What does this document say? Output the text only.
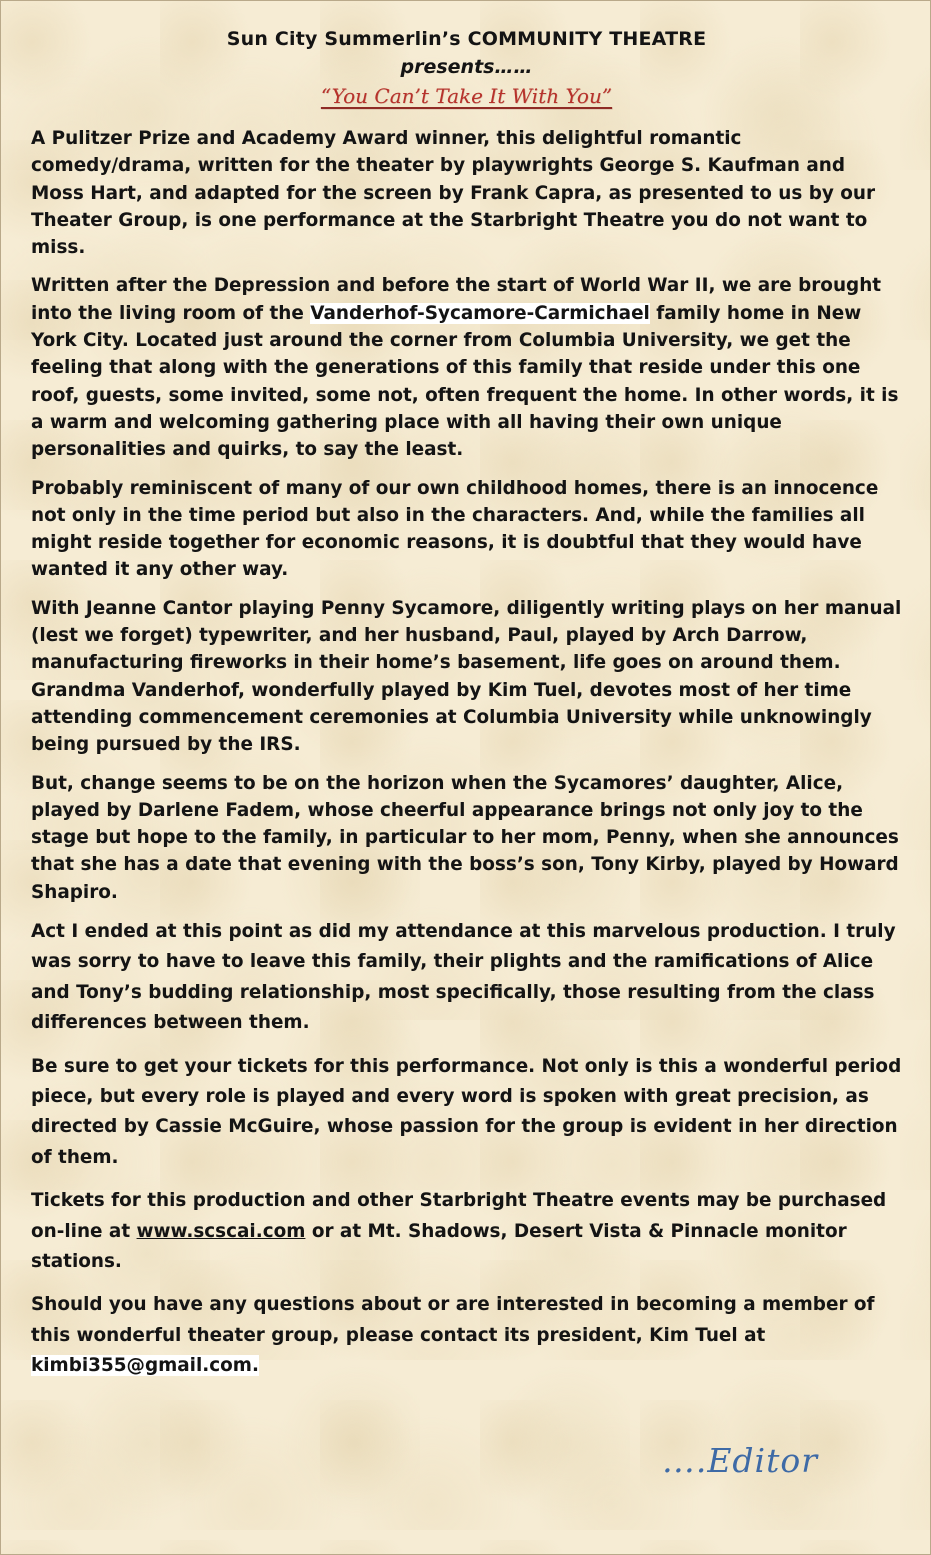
Sun City Summerlin’s COMMUNITY THEATRE
presents……
“You Can’t Take It With You”

A Pulitzer Prize and Academy Award winner, this delightful romantic comedy/drama, written for the theater by playwrights George S. Kaufman and Moss Hart, and adapted for the screen by Frank Capra, as presented to us by our Theater Group, is one performance at the Starbright Theatre you do not want to miss.

Written after the Depression and before the start of World War II, we are brought into the living room of the Vanderhof-Sycamore-Carmichael family home in New York City. Located just around the corner from Columbia University, we get the feeling that along with the generations of this family that reside under this one roof, guests, some invited, some not, often frequent the home. In other words, it is a warm and welcoming gathering place with all having their own unique personalities and quirks, to say the least.

Probably reminiscent of many of our own childhood homes, there is an innocence not only in the time period but also in the characters. And, while the families all might reside together for economic reasons, it is doubtful that they would have wanted it any other way.

With Jeanne Cantor playing Penny Sycamore, diligently writing plays on her manual (lest we forget) typewriter, and her husband, Paul, played by Arch Darrow, manufacturing fireworks in their home’s basement, life goes on around them. Grandma Vanderhof, wonderfully played by Kim Tuel, devotes most of her time attending commencement ceremonies at Columbia University while unknowingly being pursued by the IRS.

But, change seems to be on the horizon when the Sycamores’ daughter, Alice, played by Darlene Fadem, whose cheerful appearance brings not only joy to the stage but hope to the family, in particular to her mom, Penny, when she announces that she has a date that evening with the boss’s son, Tony Kirby, played by Howard Shapiro.

Act I ended at this point as did my attendance at this marvelous production. I truly was sorry to have to leave this family, their plights and the ramifications of Alice and Tony’s budding relationship, most specifically, those resulting from the class differences between them.

Be sure to get your tickets for this performance. Not only is this a wonderful period piece, but every role is played and every word is spoken with great precision, as directed by Cassie McGuire, whose passion for the group is evident in her direction of them.

Tickets for this production and other Starbright Theatre events may be purchased on-line at www.scscai.com or at Mt. Shadows, Desert Vista & Pinnacle monitor stations.

Should you have any questions about or are interested in becoming a member of this wonderful theater group, please contact its president, Kim Tuel at kimbi355@gmail.com.

….Editor
